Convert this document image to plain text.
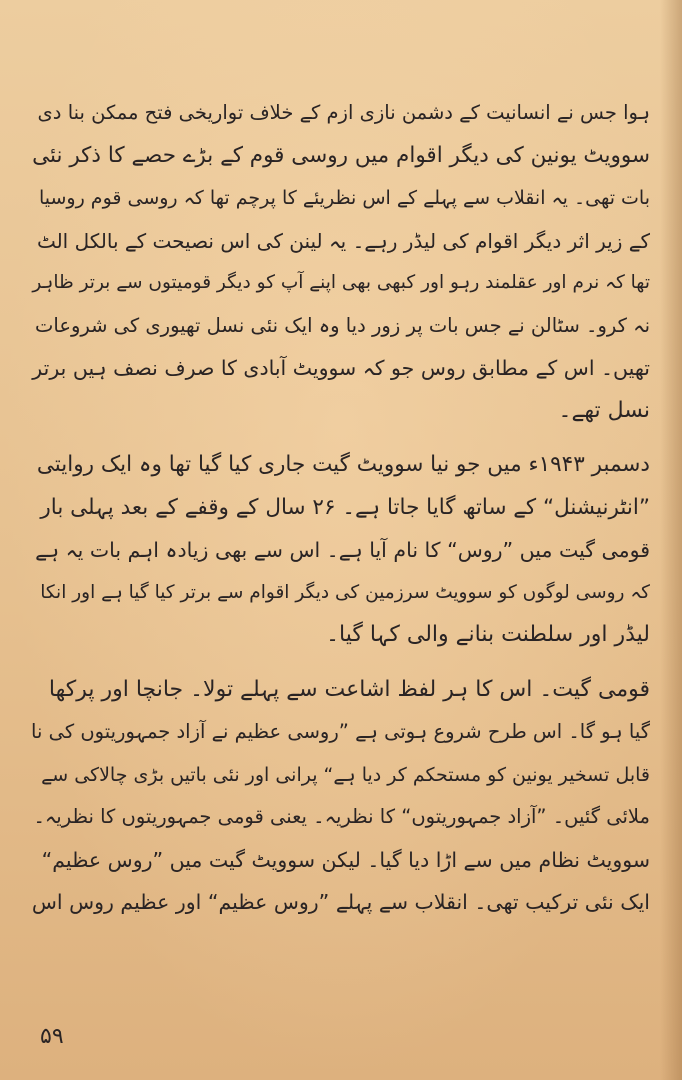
ہوا جس نے انسانیت کے دشمن نازی ازم کے خلاف تواریخی فتح ممکن بنا دی
سوویٹ یونین کی دیگر اقوام میں روسی قوم کے بڑے حصے کا ذکر نئی
بات تھی۔ یہ انقلاب سے پہلے کے اس نظریئے کا پرچم تھا کہ روسی قوم روسیا
کے زیر اثر دیگر اقوام کی لیڈر رہے۔ یہ لینن کی اس نصیحت کے بالکل الٹ
تھا کہ نرم اور عقلمند رہو اور کبھی بھی اپنے آپ کو دیگر قومیتوں سے برتر ظاہر
نہ کرو۔ سٹالن نے جس بات پر زور دیا وہ ایک نئی نسل تھیوری کی شروعات
تھیں۔ اس کے مطابق روس جو کہ سوویٹ آبادی کا صرف نصف ہیں برتر
نسل تھے۔
دسمبر ۱۹۴۳ء میں جو نیا سوویٹ گیت جاری کیا گیا تھا وہ ایک روایتی
”انٹرنیشنل“ کے ساتھ گایا جاتا ہے۔ ۲۶ سال کے وقفے کے بعد پہلی بار
قومی گیت میں ”روس“ کا نام آیا ہے۔ اس سے بھی زیادہ اہم بات یہ ہے
کہ روسی لوگوں کو سوویٹ سرزمین کی دیگر اقوام سے برتر کیا گیا ہے اور انکا
لیڈر اور سلطنت بنانے والی کہا گیا۔
قومی گیت۔ اس کا ہر لفظ اشاعت سے پہلے تولا۔ جانچا اور پرکھا
گیا ہو گا۔ اس طرح شروع ہوتی ہے ”روسی عظیم نے آزاد جمہوریتوں کی نا
قابل تسخیر یونین کو مستحکم کر دیا ہے“ پرانی اور نئی باتیں بڑی چالاکی سے
ملائی گئیں۔ ”آزاد جمہوریتوں“ کا نظریہ۔ یعنی قومی جمہوریتوں کا نظریہ۔
سوویٹ نظام میں سے اڑا دیا گیا۔ لیکن سوویٹ گیت میں ”روس عظیم“
ایک نئی ترکیب تھی۔ انقلاب سے پہلے ”روس عظیم“ اور عظیم روس اس
۵۹
